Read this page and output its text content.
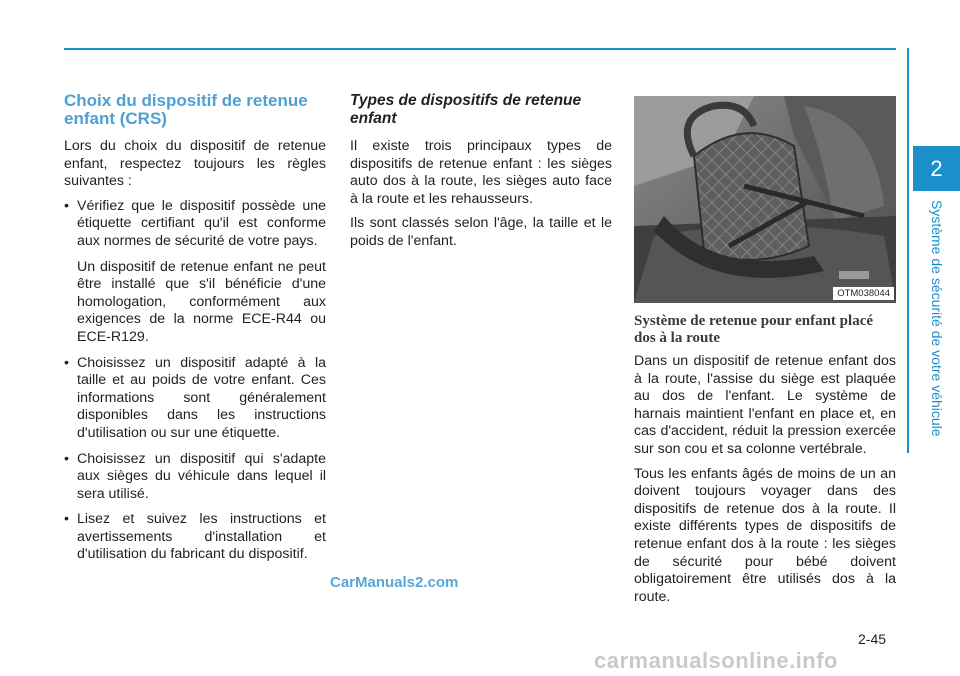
2
Système de sécurité de votre véhicule
Choix du dispositif de retenue enfant (CRS)

Lors du choix du dispositif de retenue enfant, respectez toujours les règles suivantes :

• Vérifiez que le dispositif possède une étiquette certifiant qu'il est conforme aux normes de sécurité de votre pays.

Un dispositif de retenue enfant ne peut être installé que s'il bénéficie d'une homologation, conformément aux exigences de la norme ECE-R44 ou ECE-R129.

• Choisissez un dispositif adapté à la taille et au poids de votre enfant. Ces informations sont généralement disponibles dans les instructions d'utilisation ou sur une étiquette.

• Choisissez un dispositif qui s'adapte aux sièges du véhicule dans lequel il sera utilisé.

• Lisez et suivez les instructions et avertissements d'installation et d'utilisation du fabricant du dispositif.

Types de dispositifs de retenue enfant

Il existe trois principaux types de dispositifs de retenue enfant : les sièges auto dos à la route, les sièges auto face à la route et les rehausseurs.

Ils sont classés selon l'âge, la taille et le poids de l'enfant.

OTM038044
Système de retenue pour enfant placé dos à la route

Dans un dispositif de retenue enfant dos à la route, l'assise du siège est plaquée au dos de l'enfant. Le système de harnais maintient l'enfant en place et, en cas d'accident, réduit la pression exercée sur son cou et sa colonne vertébrale.

Tous les enfants âgés de moins de un an doivent toujours voyager dans des dispositifs de retenue dos à la route. Il existe différents types de dispositifs de retenue enfant dos à la route : les sièges de sécurité pour bébé doivent obligatoirement être utilisés dos à la route.

2-45
CarManuals2.com
carmanualsonline.info
